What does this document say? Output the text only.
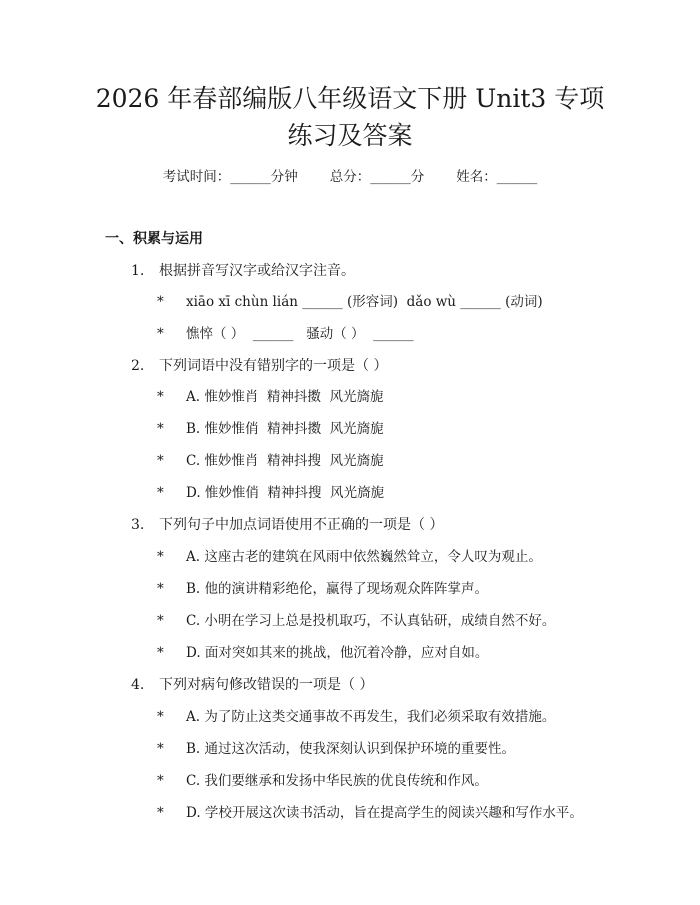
2026 年春部编版八年级语文下册 Unit3 专项
练习及答案
考试时间：______分钟 总分：______分 姓名：______
一、积累与运用
1. 根据拼音写汉字或给汉字注音。
* xiāo xī chùn lián ______ (形容词)  dǎo wù ______ (动词)
* 憔悴（ ）  ______   骚动（ ）  ______
2. 下列词语中没有错别字的一项是（ ）
* A. 惟妙惟肖  精神抖擞  风光旖旎
* B. 惟妙惟俏  精神抖擞  风光旖旎
* C. 惟妙惟肖  精神抖搜  风光旖旎
* D. 惟妙惟俏  精神抖搜  风光旖旎
3. 下列句子中加点词语使用不正确的一项是（ ）
* A. 这座古老的建筑在风雨中依然巍然耸立，令人叹为观止。
* B. 他的演讲精彩绝伦，赢得了现场观众阵阵掌声。
* C. 小明在学习上总是投机取巧，不认真钻研，成绩自然不好。
* D. 面对突如其来的挑战，他沉着冷静，应对自如。
4. 下列对病句修改错误的一项是（ ）
* A. 为了防止这类交通事故不再发生，我们必须采取有效措施。
* B. 通过这次活动，使我深刻认识到保护环境的重要性。
* C. 我们要继承和发扬中华民族的优良传统和作风。
* D. 学校开展这次读书活动，旨在提高学生的阅读兴趣和写作水平。
